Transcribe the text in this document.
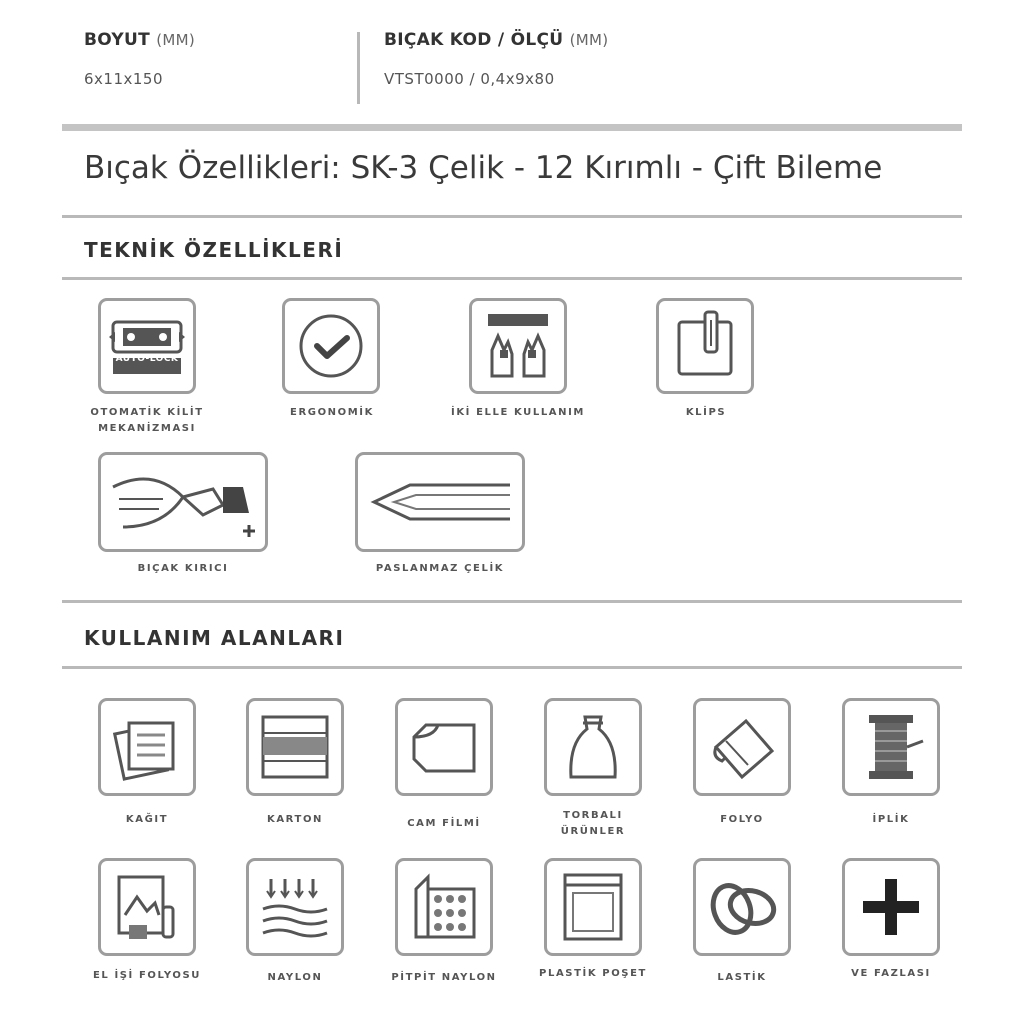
BOYUT (MM)
6x11x150
BIÇAK KOD / ÖLÇÜ (MM)
VTST0000 / 0,4x9x80
Bıçak Özellikleri: SK-3 Çelik - 12 Kırımlı - Çift Bileme
TEKNİK ÖZELLİKLERİ
AUTO-LOCK
OTOMATİK KİLİT MEKANİZMASI
ERGONOMİK	İKİ ELLE KULLANIM	KLİPS
BIÇAK KIRICI	PASLANMAZ ÇELİK
KULLANIM ALANLARI
KAĞIT	KARTON	CAM FİLMİ
TORBALI ÜRÜNLER
FOLYO	İPLİK
EL İŞİ FOLYOSU	NAYLON	PİTPİT NAYLON	PLASTİK POŞET	LASTİK	VE FAZLASI
